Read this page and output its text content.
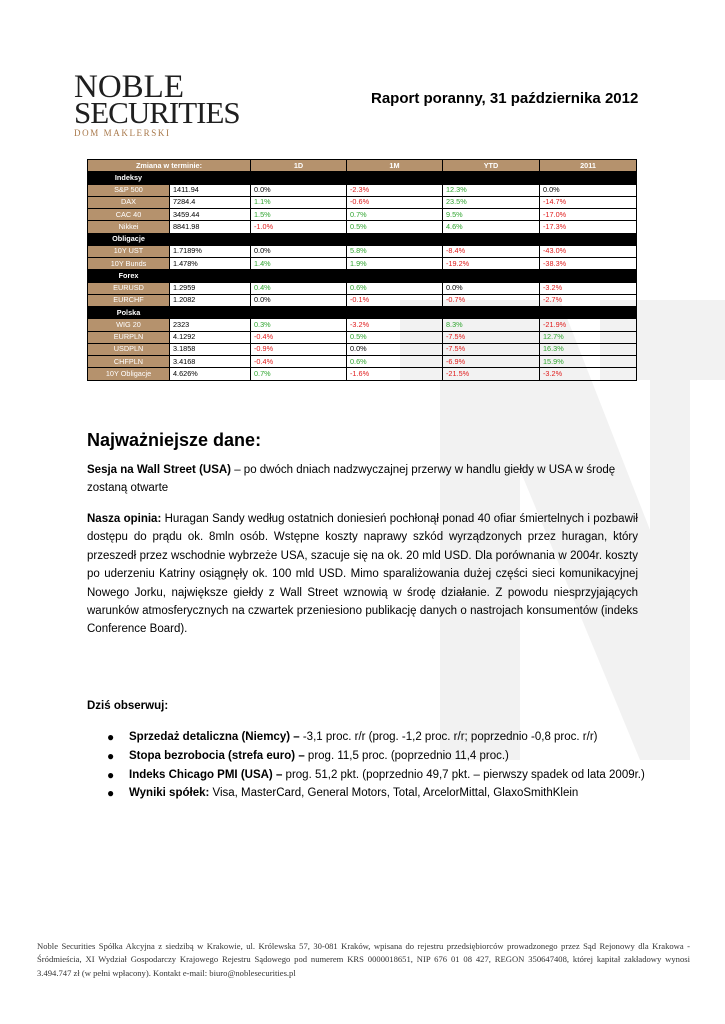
NOBLE
SECURITIES
DOM MAKLERSKI
Raport poranny, 31 października 2012
Zmiana w terminie:		1D	1M	YTD	2011
Indeksy					
S&P 500	1411.94	0.0%	-2.3%	12.3%	0.0%
DAX	7284.4	1.1%	-0.6%	23.5%	-14.7%
CAC 40	3459.44	1.5%	0.7%	9.5%	-17.0%
Nikkei	8841.98	-1.0%	0.5%	4.6%	-17.3%
Obligacje					
10Y UST	1.7189%	0.0%	5.8%	-8.4%	-43.0%
10Y Bunds	1.478%	1.4%	1.9%	-19.2%	-38.3%
Forex					
EURUSD	1.2959	0.4%	0.6%	0.0%	-3.2%
EURCHF	1.2082	0.0%	-0.1%	-0.7%	-2.7%
Polska					
WIG 20	2323	0.3%	-3.2%	8.3%	-21.9%
EURPLN	4.1292	-0.4%	0.5%	-7.5%	12.7%
USDPLN	3.1858	-0.9%	0.0%	-7.5%	16.3%
CHFPLN	3.4168	-0.4%	0.6%	-6.9%	15.9%
10Y Obligacje	4.626%	0.7%	-1.6%	-21.5%	-3.2%
Najważniejsze dane:
Sesja na Wall Street (USA) – po dwóch dniach nadzwyczajnej przerwy w handlu giełdy w USA w środę zostaną otwarte
Nasza opinia: Huragan Sandy według ostatnich doniesień pochłonął ponad 40 ofiar śmiertelnych i pozbawił dostępu do prądu ok. 8mln osób. Wstępne koszty naprawy szkód wyrządzonych przez huragan, który przeszedł przez wschodnie wybrzeże USA, szacuje się na ok. 20 mld USD. Dla porównania w 2004r. koszty po uderzeniu Katriny osiągnęły ok. 100 mld USD. Mimo sparaliżowania dużej części sieci komunikacyjnej Nowego Jorku, największe giełdy z Wall Street wznowią w środę działanie. Z powodu niesprzyjających warunków atmosferycznych na czwartek przeniesiono publikację danych o nastrojach konsumentów (indeks Conference Board).
Dziś obserwuj:
● Sprzedaż detaliczna (Niemcy) – -3,1 proc. r/r (prog. -1,2 proc. r/r; poprzednio -0,8 proc. r/r)
● Stopa bezrobocia (strefa euro) – prog. 11,5 proc. (poprzednio 11,4 proc.)
● Indeks Chicago PMI (USA) – prog. 51,2 pkt. (poprzednio 49,7 pkt. – pierwszy spadek od lata 2009r.)
● Wyniki spółek: Visa, MasterCard, General Motors, Total, ArcelorMittal, GlaxoSmithKlein
Noble Securities Spółka Akcyjna z siedzibą w Krakowie, ul. Królewska 57, 30-081 Kraków, wpisana do rejestru przedsiębiorców prowadzonego przez Sąd Rejonowy dla Krakowa - Śródmieścia, XI Wydział Gospodarczy Krajowego Rejestru Sądowego pod numerem KRS 0000018651, NIP 676 01 08 427, REGON 350647408, której kapitał zakładowy wynosi 3.494.747 zł (w pełni wpłacony). Kontakt e-mail: biuro@noblesecurities.pl
